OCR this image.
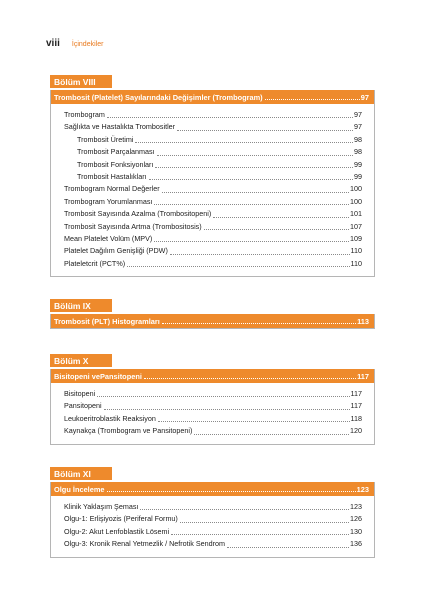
viii İçindekiler
Bölüm VIII
Trombosit (Platelet) Sayılarındaki Değişimler (Trombogram)	97
Trombogram	97
Sağlıkta ve Hastalıkta Trombositler	97
Trombosit Üretimi	98
Trombosit Parçalanması	98
Trombosit Fonksiyonları	99
Trombosit Hastalıkları	99
Trombogram Normal Değerler	100
Trombogram Yorumlanması	100
Trombosit Sayısında Azalma (Trombositopeni)	101
Trombosit Sayısında Artma (Trombositosis)	107
Mean Platelet Volüm (MPV)	109
Platelet Dağılım Genişliği (PDW)	110
Plateletcrit (PCT%)	110
Bölüm IX
Trombosit (PLT) Histogramları	113
Bölüm X
Bisitopeni vePansitopeni	117
Bisitopeni	117
Pansitopeni	117
Leukoeritroblastik Reaksiyon	118
Kaynakça (Trombogram ve Pansitopeni)	120
Bölüm XI
Olgu İnceleme	123
Klinik Yaklaşım Şeması	123
Olgu-1: Erlişiyozis (Periferal Formu)	126
Olgu-2: Akut Lenfoblastik Lösemi	130
Olgu-3: Kronik Renal Yetmezlik / Nefrotik Sendrom	136
